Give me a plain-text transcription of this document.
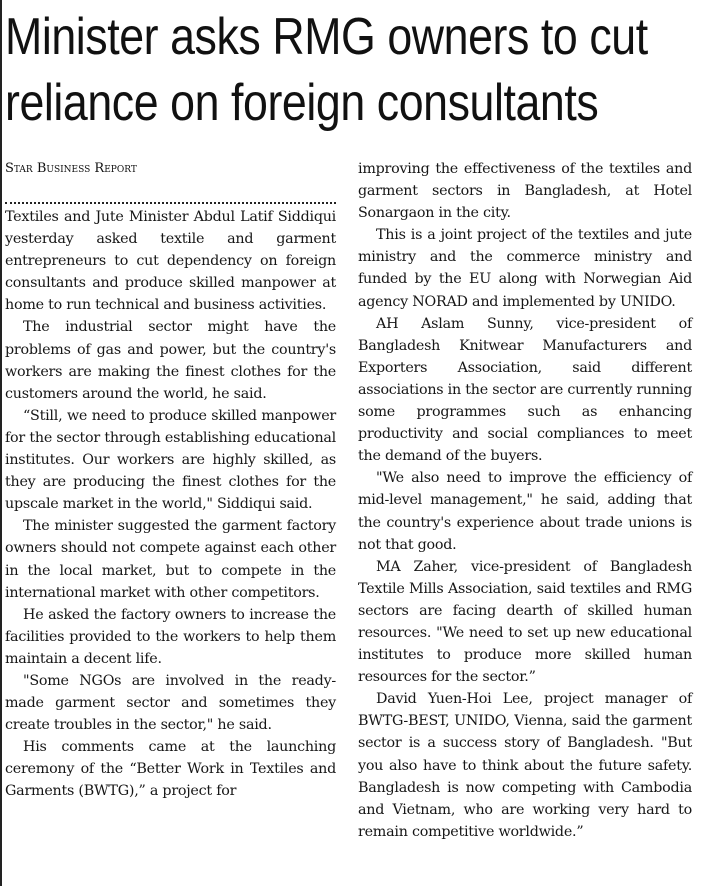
Minister asks RMG owners to cut
reliance on foreign consultants
Star Business Report

Textiles and Jute Minister Abdul Latif Siddiqui yesterday asked textile and garment entrepreneurs to cut dependency on foreign consultants and produce skilled manpower at home to run technical and business activities.

The industrial sector might have the problems of gas and power, but the country's workers are making the finest clothes for the customers around the world, he said.

“Still, we need to produce skilled manpower for the sector through establishing educational institutes. Our workers are highly skilled, as they are producing the finest clothes for the upscale market in the world," Siddiqui said.

The minister suggested the garment factory owners should not compete against each other in the local market, but to compete in the international market with other competitors.

He asked the factory owners to increase the facilities provided to the workers to help them maintain a decent life.

"Some NGOs are involved in the ready-made garment sector and sometimes they create troubles in the sector," he said.

His comments came at the launching ceremony of the “Better Work in Textiles and Garments (BWTG),” a project for

improving the effectiveness of the textiles and garment sectors in Bangladesh, at Hotel Sonargaon in the city.

This is a joint project of the textiles and jute ministry and the commerce ministry and funded by the EU along with Norwegian Aid agency NORAD and implemented by UNIDO.

AH Aslam Sunny, vice-president of Bangladesh Knitwear Manufacturers and Exporters Association, said different associations in the sector are currently running some programmes such as enhancing productivity and social compliances to meet the demand of the buyers.

"We also need to improve the efficiency of mid-level management," he said, adding that the country's experience about trade unions is not that good.

MA Zaher, vice-president of Bangladesh Textile Mills Association, said textiles and RMG sectors are facing dearth of skilled human resources. "We need to set up new educational institutes to produce more skilled human resources for the sector.”

David Yuen-Hoi Lee, project manager of BWTG-BEST, UNIDO, Vienna, said the garment sector is a success story of Bangladesh. "But you also have to think about the future safety. Bangladesh is now competing with Cambodia and Vietnam, who are working very hard to remain competitive worldwide.”
